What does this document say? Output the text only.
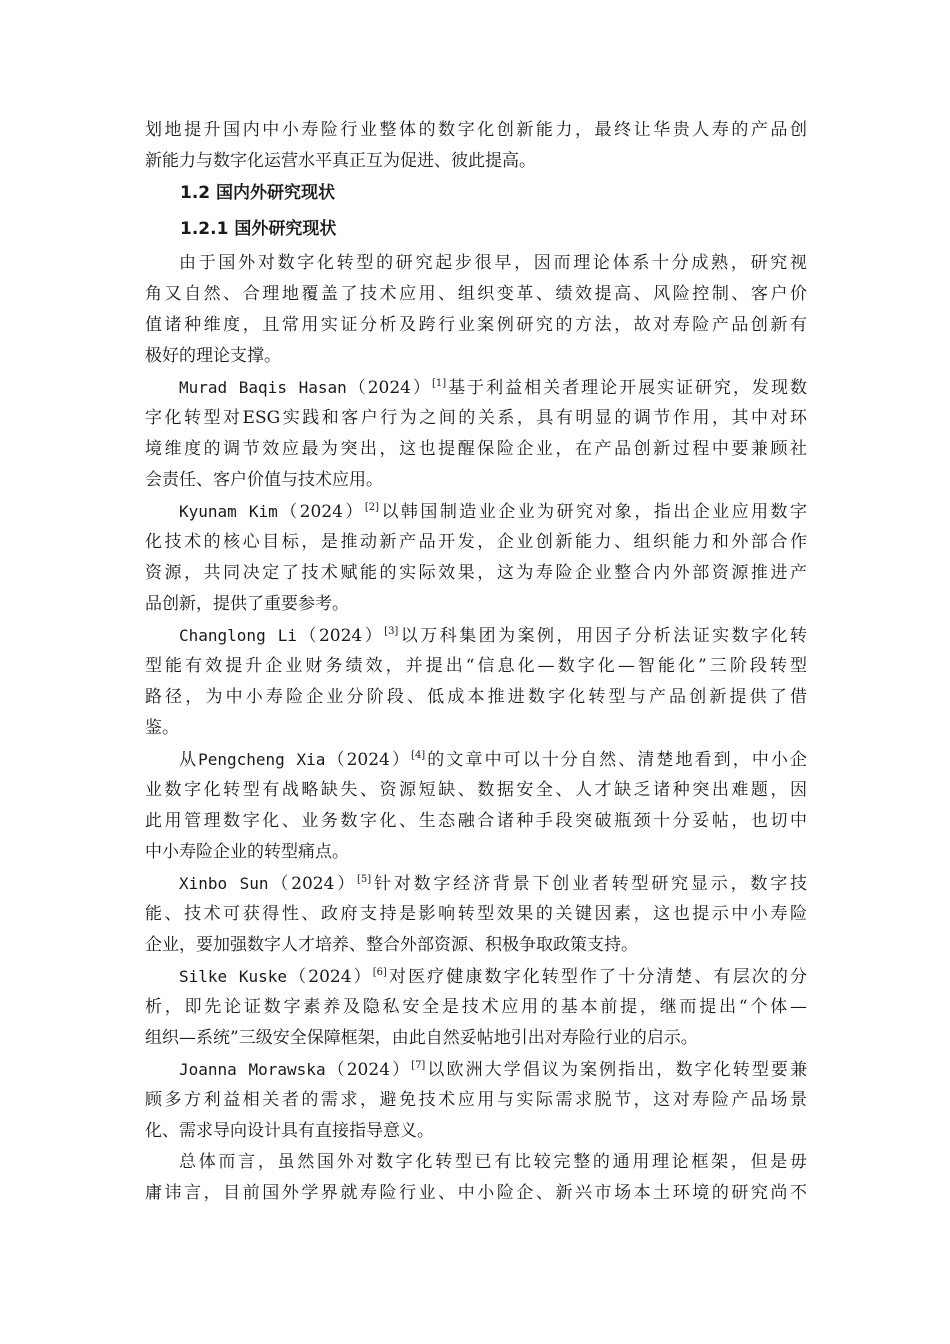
划地提升国内中小寿险行业整体的数字化创新能力，最终让华贵人寿的产品创
新能力与数字化运营水平真正互为促进、彼此提高。
1.2 国内外研究现状
1.2.1 国外研究现状
由于国外对数字化转型的研究起步很早，因而理论体系十分成熟，研究视
角又自然、合理地覆盖了技术应用、组织变革、绩效提高、风险控制、客户价
值诸种维度，且常用实证分析及跨行业案例研究的方法，故对寿险产品创新有
极好的理论支撑。
Murad Baqis Hasan（2024）[1]基于利益相关者理论开展实证研究，发现数
字化转型对ESG实践和客户行为之间的关系，具有明显的调节作用，其中对环
境维度的调节效应最为突出，这也提醒保险企业，在产品创新过程中要兼顾社
会责任、客户价值与技术应用。
Kyunam Kim（2024）[2]以韩国制造业企业为研究对象，指出企业应用数字
化技术的核心目标，是推动新产品开发，企业创新能力、组织能力和外部合作
资源，共同决定了技术赋能的实际效果，这为寿险企业整合内外部资源推进产
品创新，提供了重要参考。
Changlong Li（2024）[3]以万科集团为案例，用因子分析法证实数字化转
型能有效提升企业财务绩效，并提出“信息化—数字化—智能化”三阶段转型
路径，为中小寿险企业分阶段、低成本推进数字化转型与产品创新提供了借
鉴。
从Pengcheng Xia（2024）[4]的文章中可以十分自然、清楚地看到，中小企
业数字化转型有战略缺失、资源短缺、数据安全、人才缺乏诸种突出难题，因
此用管理数字化、业务数字化、生态融合诸种手段突破瓶颈十分妥帖，也切中
中小寿险企业的转型痛点。
Xinbo Sun（2024）[5]针对数字经济背景下创业者转型研究显示，数字技
能、技术可获得性、政府支持是影响转型效果的关键因素，这也提示中小寿险
企业，要加强数字人才培养、整合外部资源、积极争取政策支持。
Silke Kuske（2024）[6]对医疗健康数字化转型作了十分清楚、有层次的分
析，即先论证数字素养及隐私安全是技术应用的基本前提，继而提出“个体—
组织—系统”三级安全保障框架，由此自然妥帖地引出对寿险行业的启示。
Joanna Morawska（2024）[7]以欧洲大学倡议为案例指出，数字化转型要兼
顾多方利益相关者的需求，避免技术应用与实际需求脱节，这对寿险产品场景
化、需求导向设计具有直接指导意义。
总体而言，虽然国外对数字化转型已有比较完整的通用理论框架，但是毋
庸讳言，目前国外学界就寿险行业、中小险企、新兴市场本土环境的研究尚不
